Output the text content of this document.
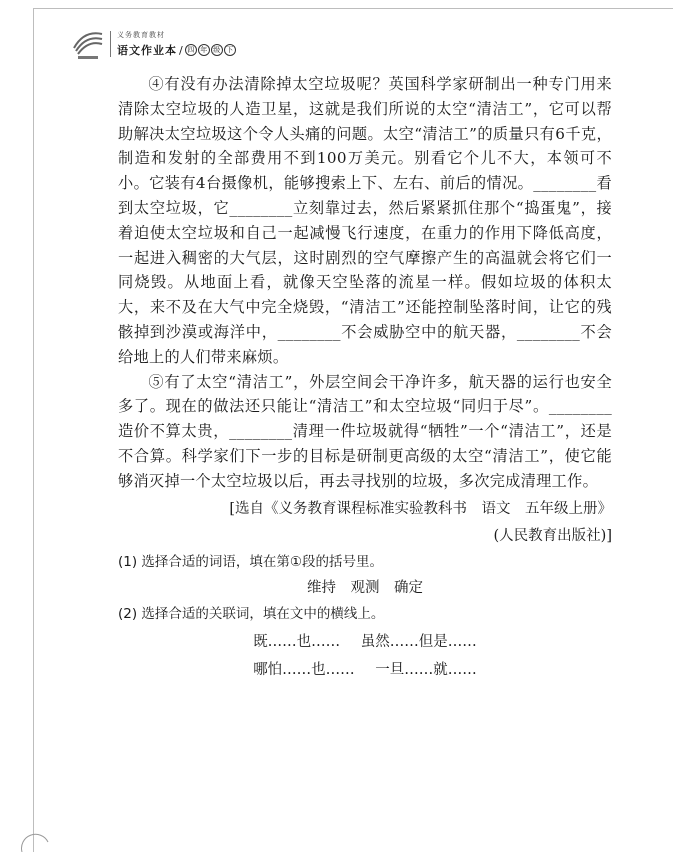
义务教育教材
语文作业本 / 四 年 级 下

④有没有办法清除掉太空垃圾呢？英国科学家研制出一种专门用来清除太空垃圾的人造卫星，这就是我们所说的太空“清洁工”，它可以帮助解决太空垃圾这个令人头痛的问题。太空“清洁工”的质量只有6千克，制造和发射的全部费用不到100万美元。别看它个儿不大，本领可不小。它装有4台摄像机，能够搜索上下、左右、前后的情况。________看到太空垃圾，它________立刻靠过去，然后紧紧抓住那个“捣蛋鬼”，接着迫使太空垃圾和自己一起减慢飞行速度，在重力的作用下降低高度，一起进入稠密的大气层，这时剧烈的空气摩擦产生的高温就会将它们一同烧毁。从地面上看，就像天空坠落的流星一样。假如垃圾的体积太大，来不及在大气中完全烧毁，“清洁工”还能控制坠落时间，让它的残骸掉到沙漠或海洋中，________不会威胁空中的航天器，________不会给地上的人们带来麻烦。

⑤有了太空“清洁工”，外层空间会干净许多，航天器的运行也安全多了。现在的做法还只能让“清洁工”和太空垃圾“同归于尽”。________造价不算太贵，________清理一件垃圾就得“牺牲”一个“清洁工”，还是不合算。科学家们下一步的目标是研制更高级的太空“清洁工”，使它能够消灭掉一个太空垃圾以后，再去寻找别的垃圾，多次完成清理工作。

[选自《义务教育课程标准实验教科书　语文　五年级上册》

(人民教育出版社)]

(1) 选择合适的词语，填在第①段的括号里。

维持　观测　确定

(2) 选择合适的关联词，填在文中的横线上。

既……也…… 虽然……但是……

哪怕……也…… 一旦……就……
